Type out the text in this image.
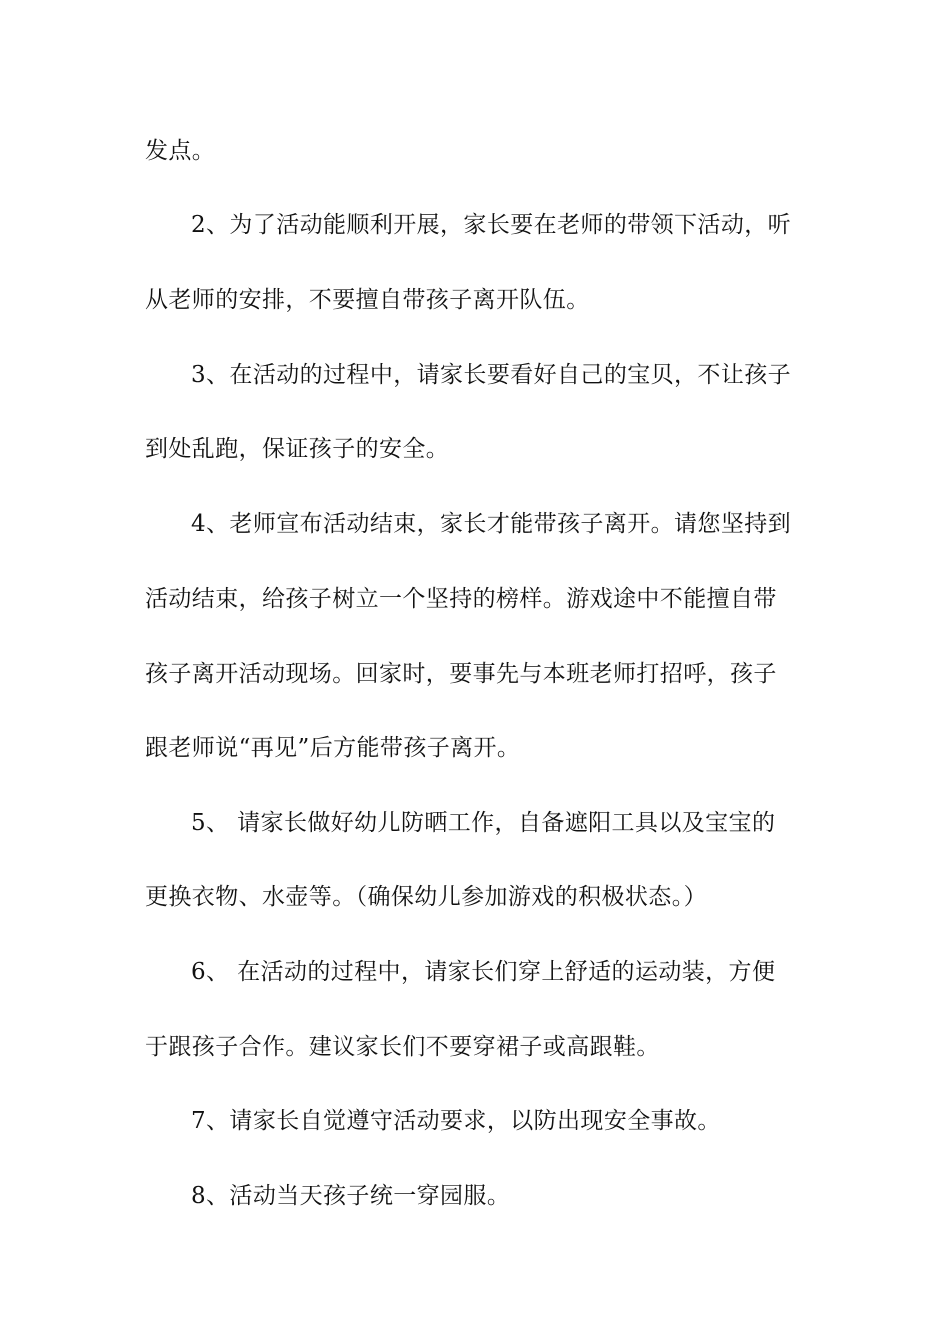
发点。
2、为了活动能顺利开展，家长要在老师的带领下活动，听
从老师的安排，不要擅自带孩子离开队伍。
3、在活动的过程中，请家长要看好自己的宝贝，不让孩子
到处乱跑，保证孩子的安全。
4、老师宣布活动结束，家长才能带孩子离开。请您坚持到
活动结束，给孩子树立一个坚持的榜样。游戏途中不能擅自带
孩子离开活动现场。回家时，要事先与本班老师打招呼，孩子
跟老师说“再见”后方能带孩子离开。
5、 请家长做好幼儿防晒工作，自备遮阳工具以及宝宝的
更换衣物、水壶等。（确保幼儿参加游戏的积极状态。）
6、 在活动的过程中，请家长们穿上舒适的运动装，方便
于跟孩子合作。建议家长们不要穿裙子或高跟鞋。
7、请家长自觉遵守活动要求，以防出现安全事故。
8、活动当天孩子统一穿园服。
